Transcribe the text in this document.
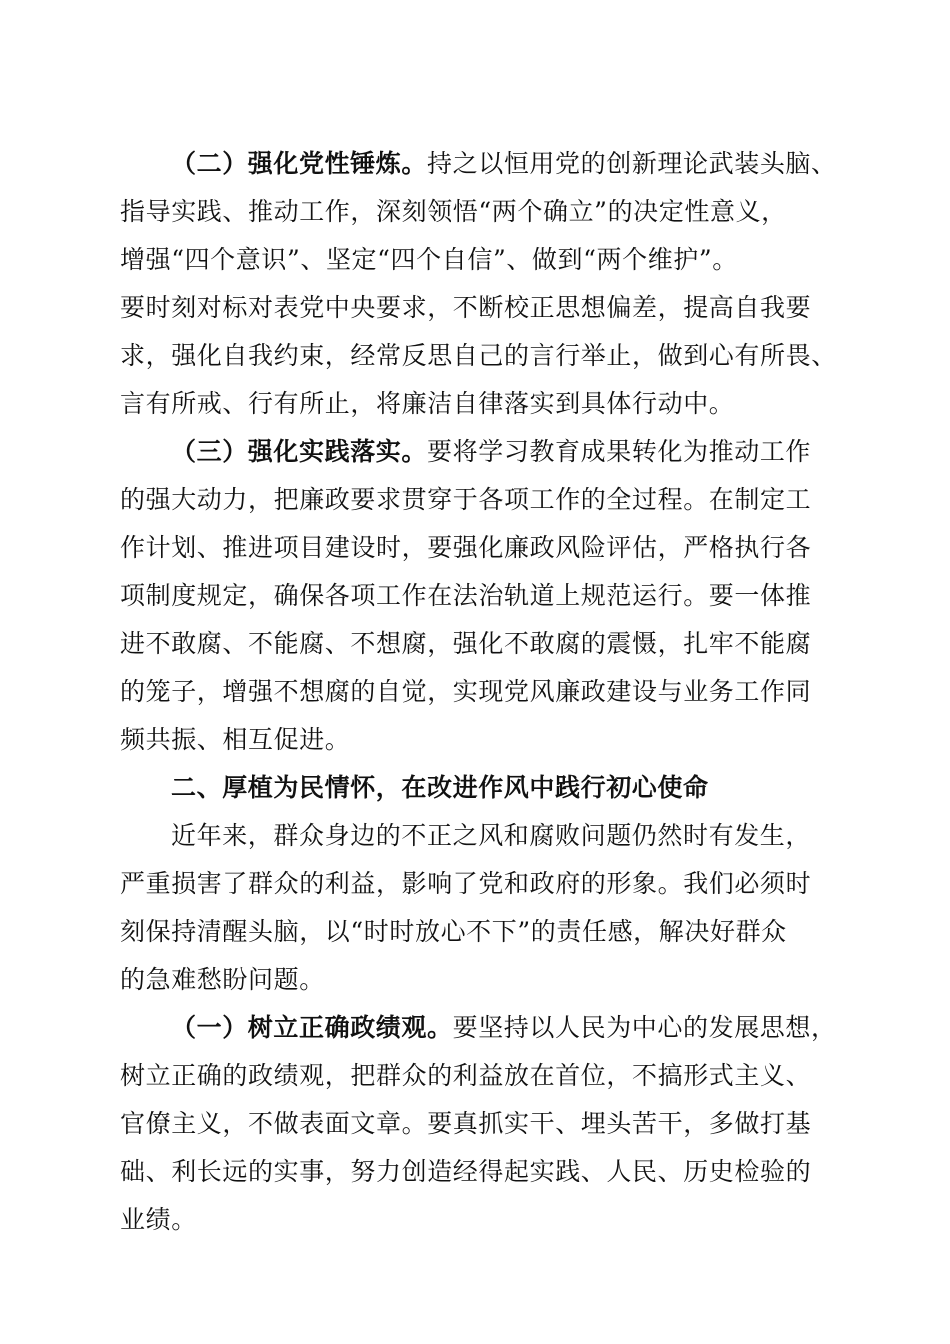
（二）强化党性锤炼。持之以恒用党的创新理论武装头脑、
指导实践、推动工作，深刻领悟“两个确立”的决定性意义，
增强“四个意识”、坚定“四个自信”、做到“两个维护”。
要时刻对标对表党中央要求，不断校正思想偏差，提高自我要
求，强化自我约束，经常反思自己的言行举止，做到心有所畏、
言有所戒、行有所止，将廉洁自律落实到具体行动中。
（三）强化实践落实。要将学习教育成果转化为推动工作
的强大动力，把廉政要求贯穿于各项工作的全过程。在制定工
作计划、推进项目建设时，要强化廉政风险评估，严格执行各
项制度规定，确保各项工作在法治轨道上规范运行。要一体推
进不敢腐、不能腐、不想腐，强化不敢腐的震慑，扎牢不能腐
的笼子，增强不想腐的自觉，实现党风廉政建设与业务工作同
频共振、相互促进。
二、厚植为民情怀，在改进作风中践行初心使命
近年来，群众身边的不正之风和腐败问题仍然时有发生，
严重损害了群众的利益，影响了党和政府的形象。我们必须时
刻保持清醒头脑，以“时时放心不下”的责任感，解决好群众
的急难愁盼问题。
（一）树立正确政绩观。要坚持以人民为中心的发展思想，
树立正确的政绩观，把群众的利益放在首位，不搞形式主义、
官僚主义，不做表面文章。要真抓实干、埋头苦干，多做打基
础、利长远的实事，努力创造经得起实践、人民、历史检验的
业绩。
